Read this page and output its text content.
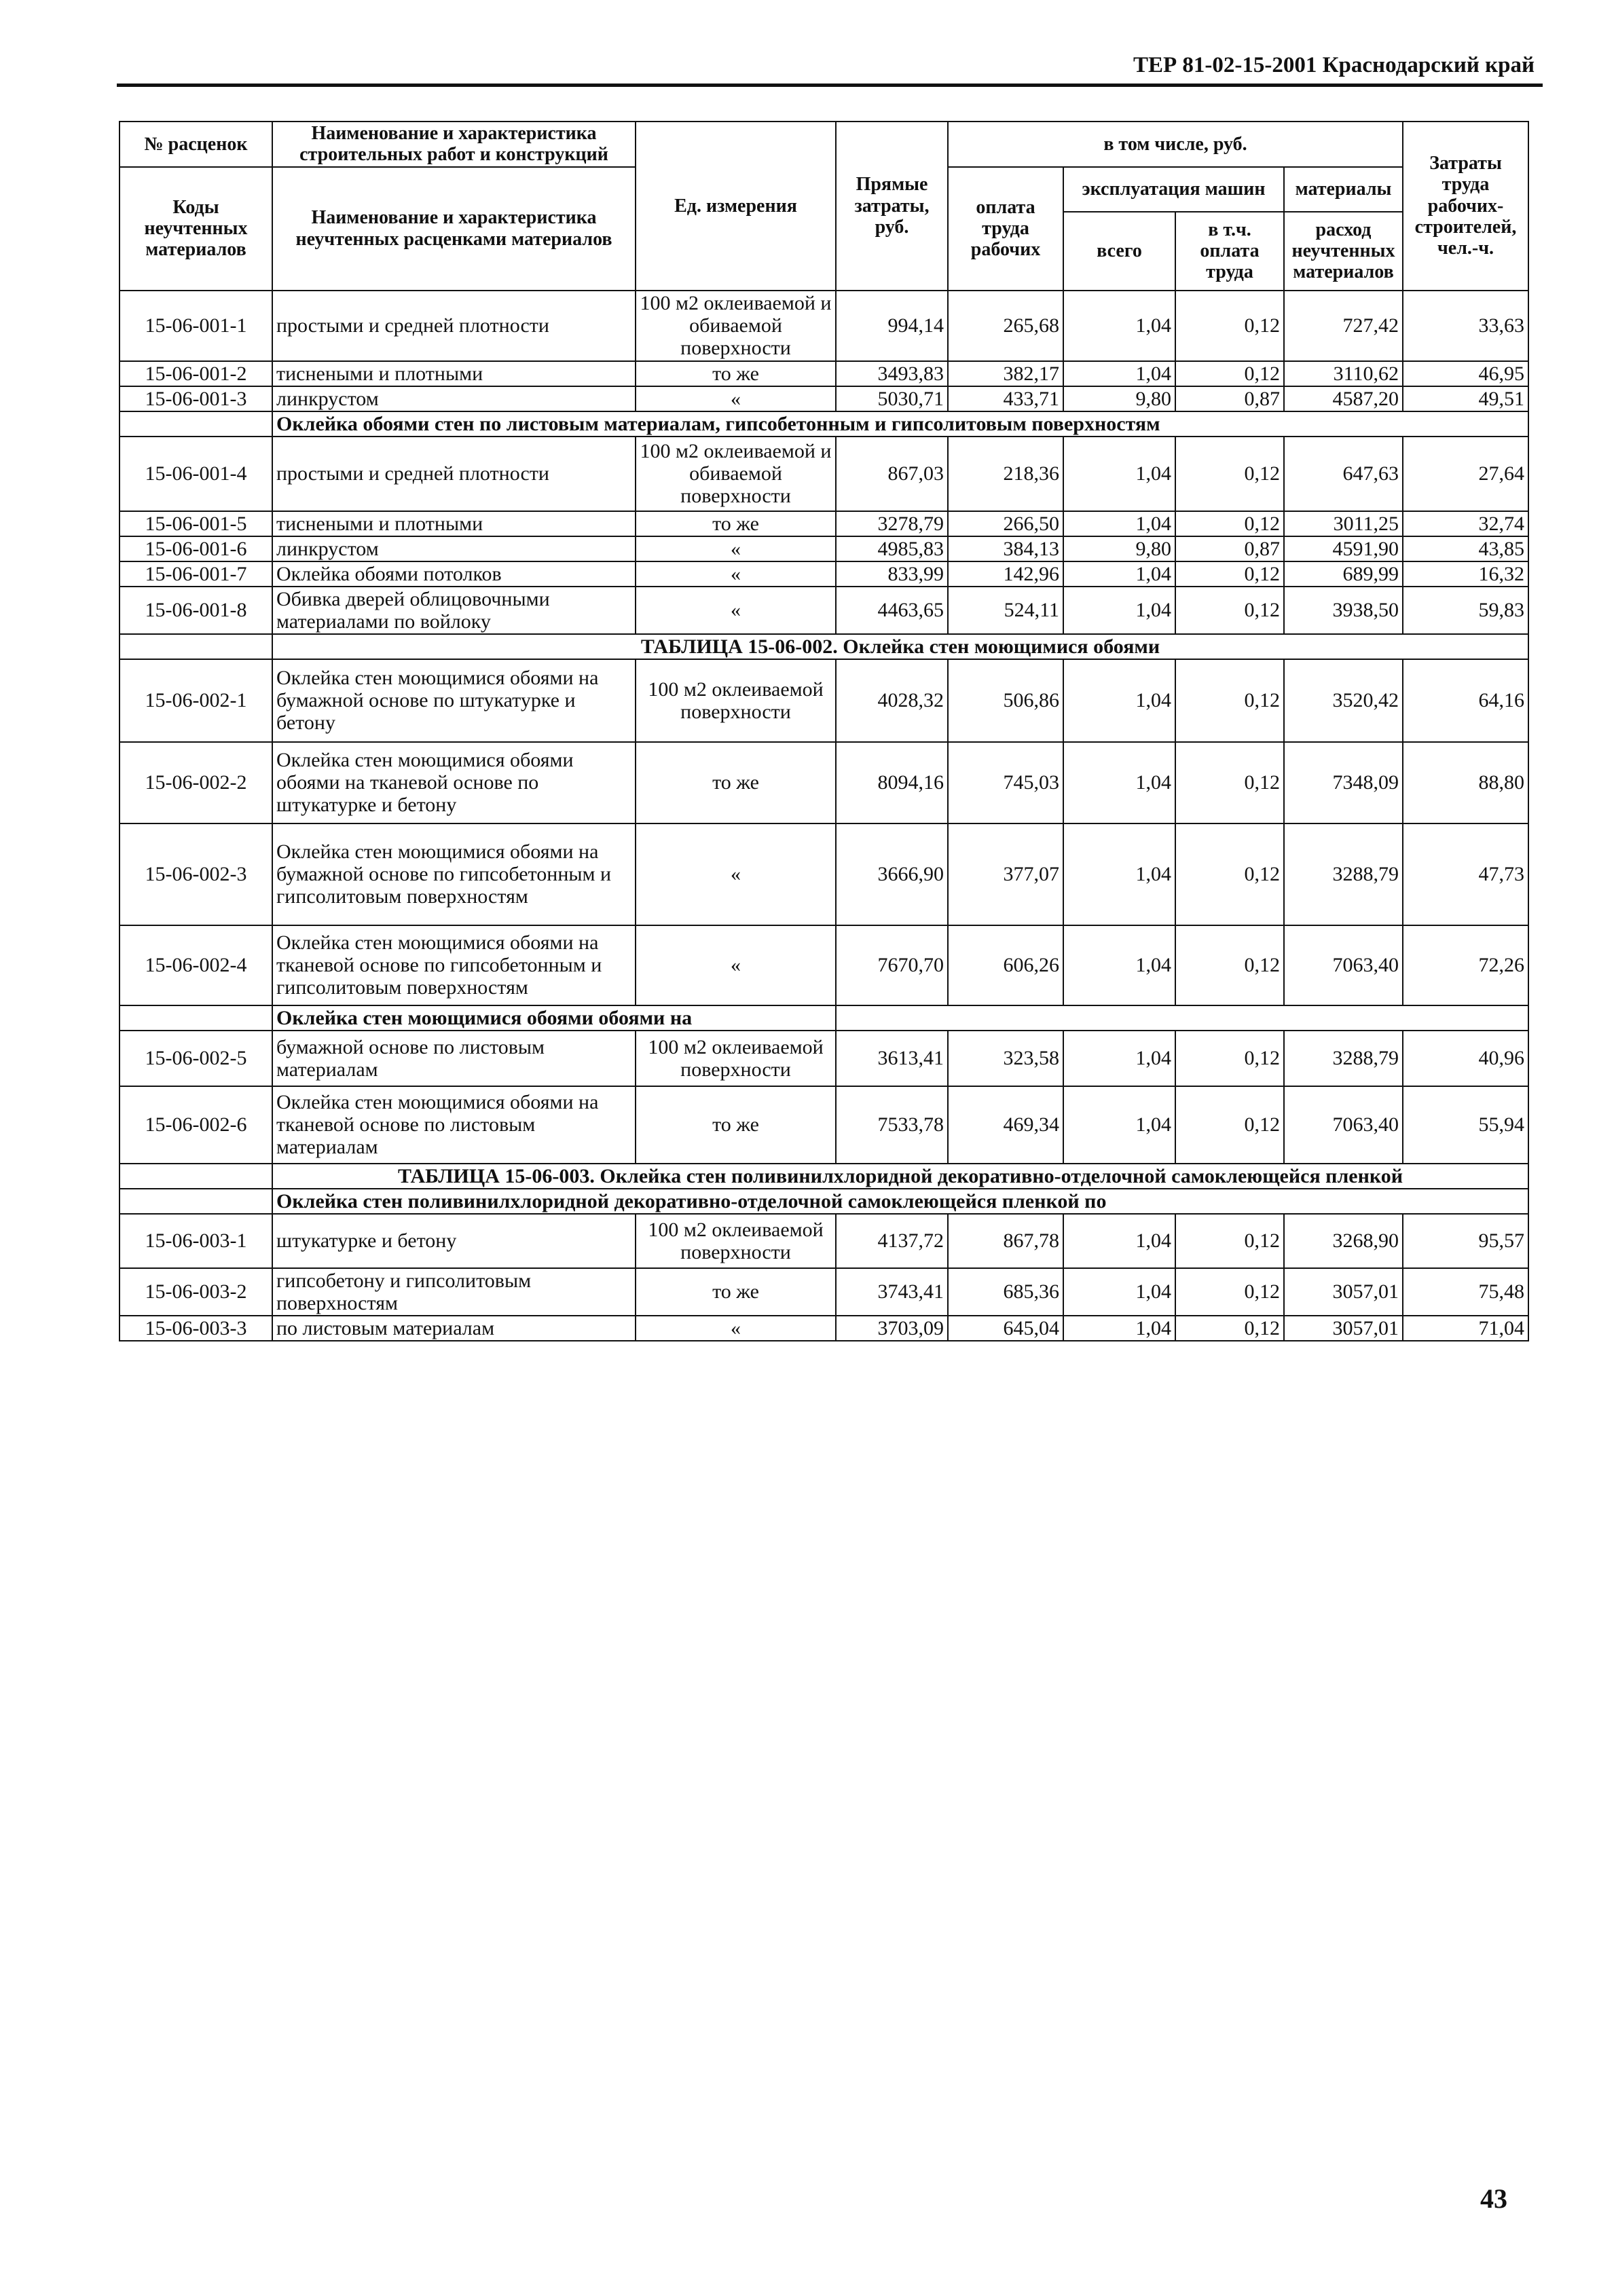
ТЕР 81-02-15-2001 Краснодарский край
№ расценок	Наименование и характеристика строительных работ и конструкций	Ед. измерения	Прямые затраты, руб.	в том числе, руб.				Затраты труда рабочих-строителей, чел.-ч.	
Коды неучтенных материалов	Наименование и характеристика неучтенных расценками материалов			оплата труда рабочих	эксплуатация машин		материалы		
					всего	в т.ч. оплата труда	расход неучтенных материалов		

15-06-001-1	простыми и средней плотности	100 м2 оклеиваемой и обиваемой поверхности	994,14	265,68	1,04	0,12	727,42	33,63	
15-06-001-2	тиснеными и плотными	то же	3493,83	382,17	1,04	0,12	3110,62	46,95	
15-06-001-3	линкрустом	«	5030,71	433,71	9,80	0,87	4587,20	49,51	
	Оклейка обоями стен по листовым материалам, гипсобетонным и гипсолитовым поверхностям								
15-06-001-4	простыми и средней плотности	100 м2 оклеиваемой и обиваемой поверхности	867,03	218,36	1,04	0,12	647,63	27,64	
15-06-001-5	тиснеными и плотными	то же	3278,79	266,50	1,04	0,12	3011,25	32,74	
15-06-001-6	линкрустом	«	4985,83	384,13	9,80	0,87	4591,90	43,85	
15-06-001-7	Оклейка обоями потолков	«	833,99	142,96	1,04	0,12	689,99	16,32	
15-06-001-8	Обивка дверей облицовочными материалами по войлоку	«	4463,65	524,11	1,04	0,12	3938,50	59,83	
	ТАБЛИЦА 15-06-002. Оклейка стен моющимися обоями								
15-06-002-1	Оклейка стен моющимися обоями на бумажной основе по штукатурке и бетону	100 м2 оклеиваемой поверхности	4028,32	506,86	1,04	0,12	3520,42	64,16	
15-06-002-2	Оклейка стен моющимися обоями обоями на тканевой основе по штукатурке и бетону	то же	8094,16	745,03	1,04	0,12	7348,09	88,80	
15-06-002-3	Оклейка стен моющимися обоями на бумажной основе по гипсобетонным и гипсолитовым поверхностям	«	3666,90	377,07	1,04	0,12	3288,79	47,73	
15-06-002-4	Оклейка стен моющимися обоями на тканевой основе по гипсобетонным и гипсолитовым поверхностям	«	7670,70	606,26	1,04	0,12	7063,40	72,26	
	Оклейка стен моющимися обоями обоями на								
15-06-002-5	бумажной основе по листовым материалам	100 м2 оклеиваемой поверхности	3613,41	323,58	1,04	0,12	3288,79	40,96	
15-06-002-6	Оклейка стен моющимися обоями на тканевой основе по листовым материалам	то же	7533,78	469,34	1,04	0,12	7063,40	55,94	
	ТАБЛИЦА 15-06-003. Оклейка стен поливинилхлоридной декоративно-отделочной самоклеющейся пленкой								
	Оклейка стен поливинилхлоридной декоративно-отделочной самоклеющейся пленкой по								
15-06-003-1	штукатурке и бетону	100 м2 оклеиваемой поверхности	4137,72	867,78	1,04	0,12	3268,90	95,57	
15-06-003-2	гипсобетону и гипсолитовым поверхностям	то же	3743,41	685,36	1,04	0,12	3057,01	75,48	
15-06-003-3	по листовым материалам	«	3703,09	645,04	1,04	0,12	3057,01	71,04	
43
